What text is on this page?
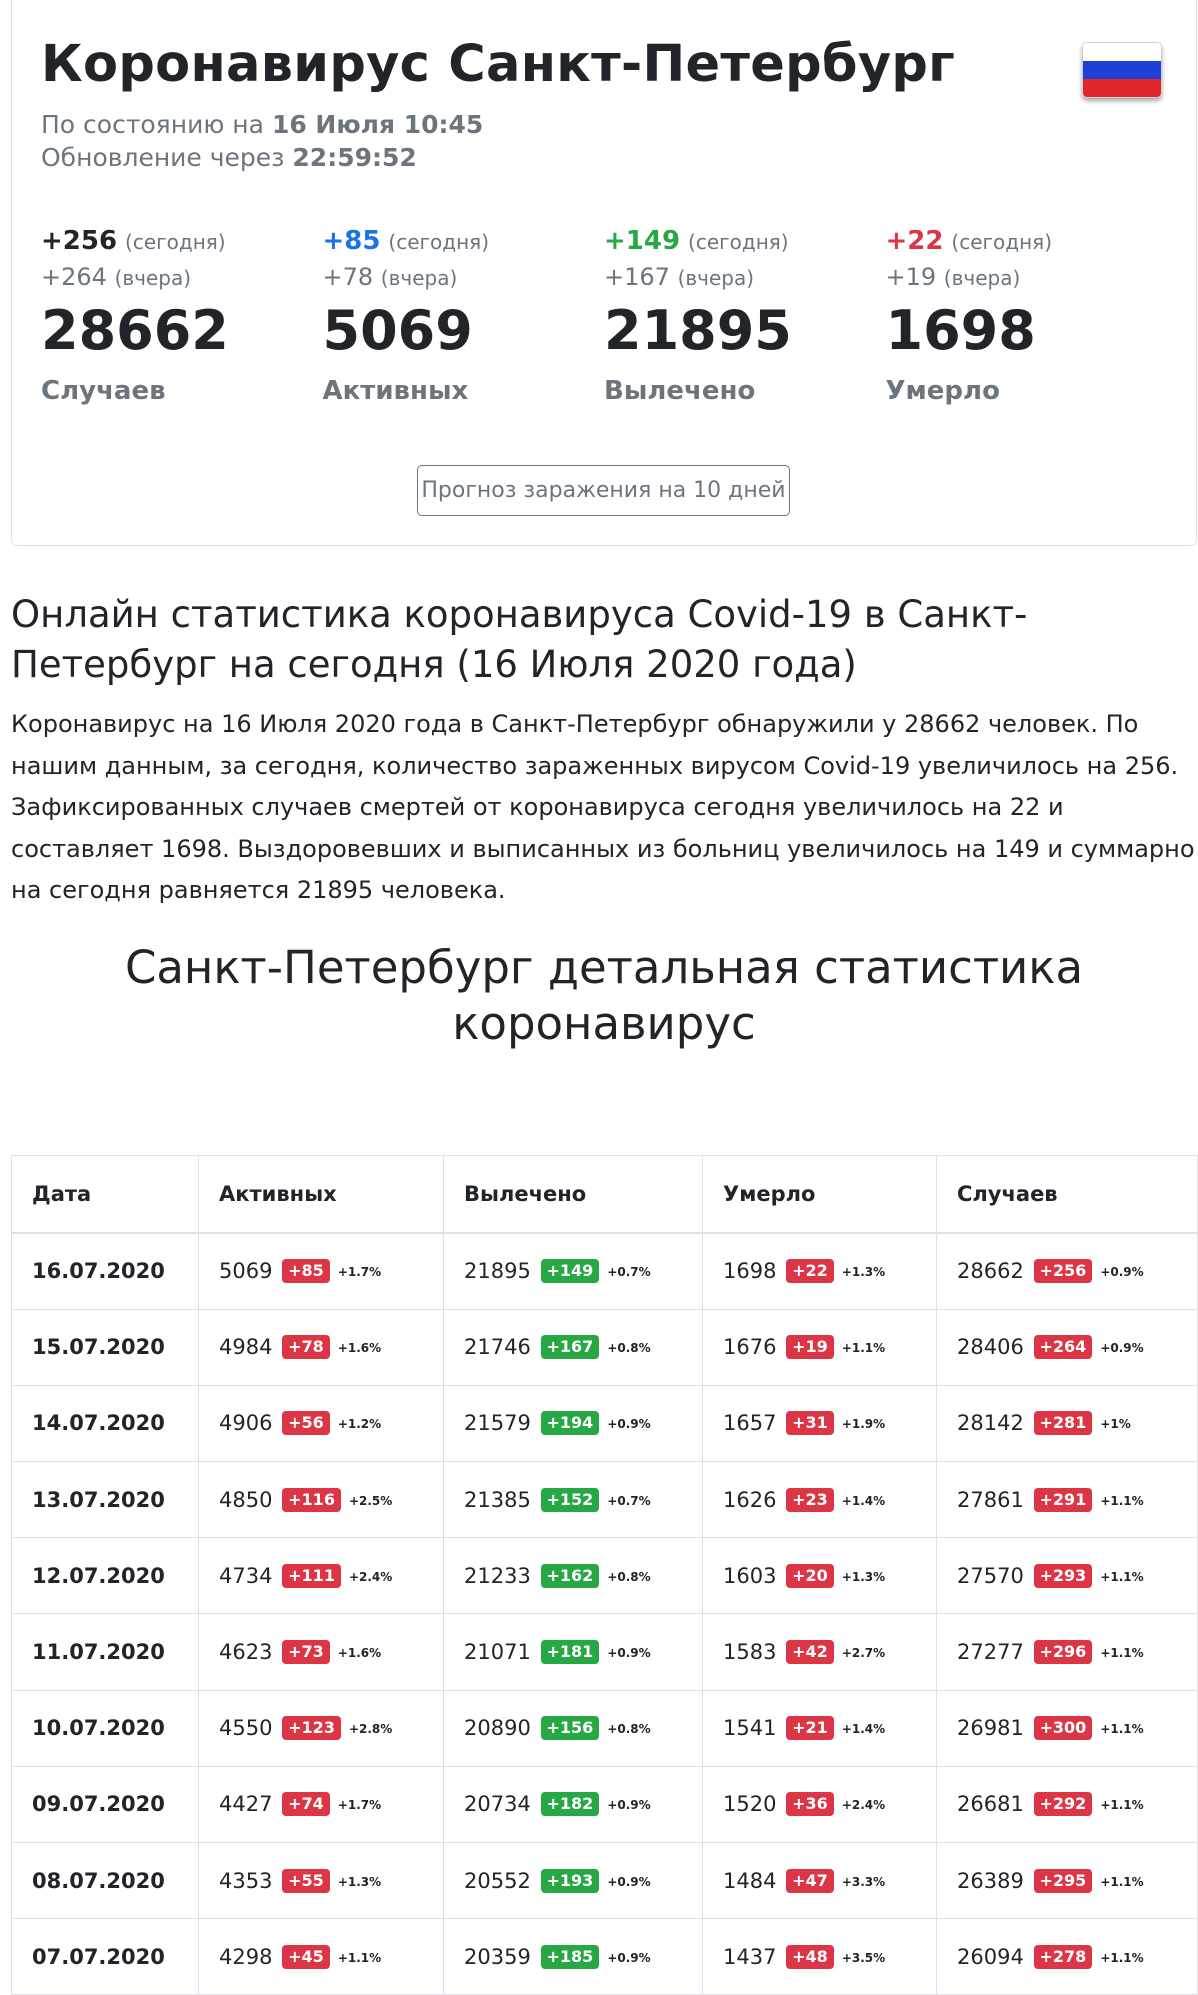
Коронавирус Санкт-Петербург
По состоянию на 16 Июля 10:45
Обновление через 22:59:52
+256 (сегодня)
+264 (вчера)
28662
Случаев
+85 (сегодня)
+78 (вчера)
5069
Активных
+149 (сегодня)
+167 (вчера)
21895
Вылечено
+22 (сегодня)
+19 (вчера)
1698
Умерло
Прогноз заражения на 10 дней
Онлайн статистика коронавируса Covid-19 в Санкт-Петербург на сегодня (16 Июля 2020 года)

Коронавирус на 16 Июля 2020 года в Санкт-Петербург обнаружили у 28662 человек. По нашим данным, за сегодня, количество зараженных вирусом Covid-19 увеличилось на 256. Зафиксированных случаев смертей от коронавируса сегодня увеличилось на 22 и составляет 1698. Выздоровевших и выписанных из больниц увеличилось на 149 и суммарно на сегодня равняется 21895 человека.

Санкт-Петербург детальная статистика коронавирус
Дата	Активных	Вылечено	Умерло	Случаев
16.07.2020	5069 +85 +1.7%	21895 +149 +0.7%	1698 +22 +1.3%	28662 +256 +0.9%
15.07.2020	4984 +78 +1.6%	21746 +167 +0.8%	1676 +19 +1.1%	28406 +264 +0.9%
14.07.2020	4906 +56 +1.2%	21579 +194 +0.9%	1657 +31 +1.9%	28142 +281 +1%
13.07.2020	4850 +116 +2.5%	21385 +152 +0.7%	1626 +23 +1.4%	27861 +291 +1.1%
12.07.2020	4734 +111 +2.4%	21233 +162 +0.8%	1603 +20 +1.3%	27570 +293 +1.1%
11.07.2020	4623 +73 +1.6%	21071 +181 +0.9%	1583 +42 +2.7%	27277 +296 +1.1%
10.07.2020	4550 +123 +2.8%	20890 +156 +0.8%	1541 +21 +1.4%	26981 +300 +1.1%
09.07.2020	4427 +74 +1.7%	20734 +182 +0.9%	1520 +36 +2.4%	26681 +292 +1.1%
08.07.2020	4353 +55 +1.3%	20552 +193 +0.9%	1484 +47 +3.3%	26389 +295 +1.1%
07.07.2020	4298 +45 +1.1%	20359 +185 +0.9%	1437 +48 +3.5%	26094 +278 +1.1%
